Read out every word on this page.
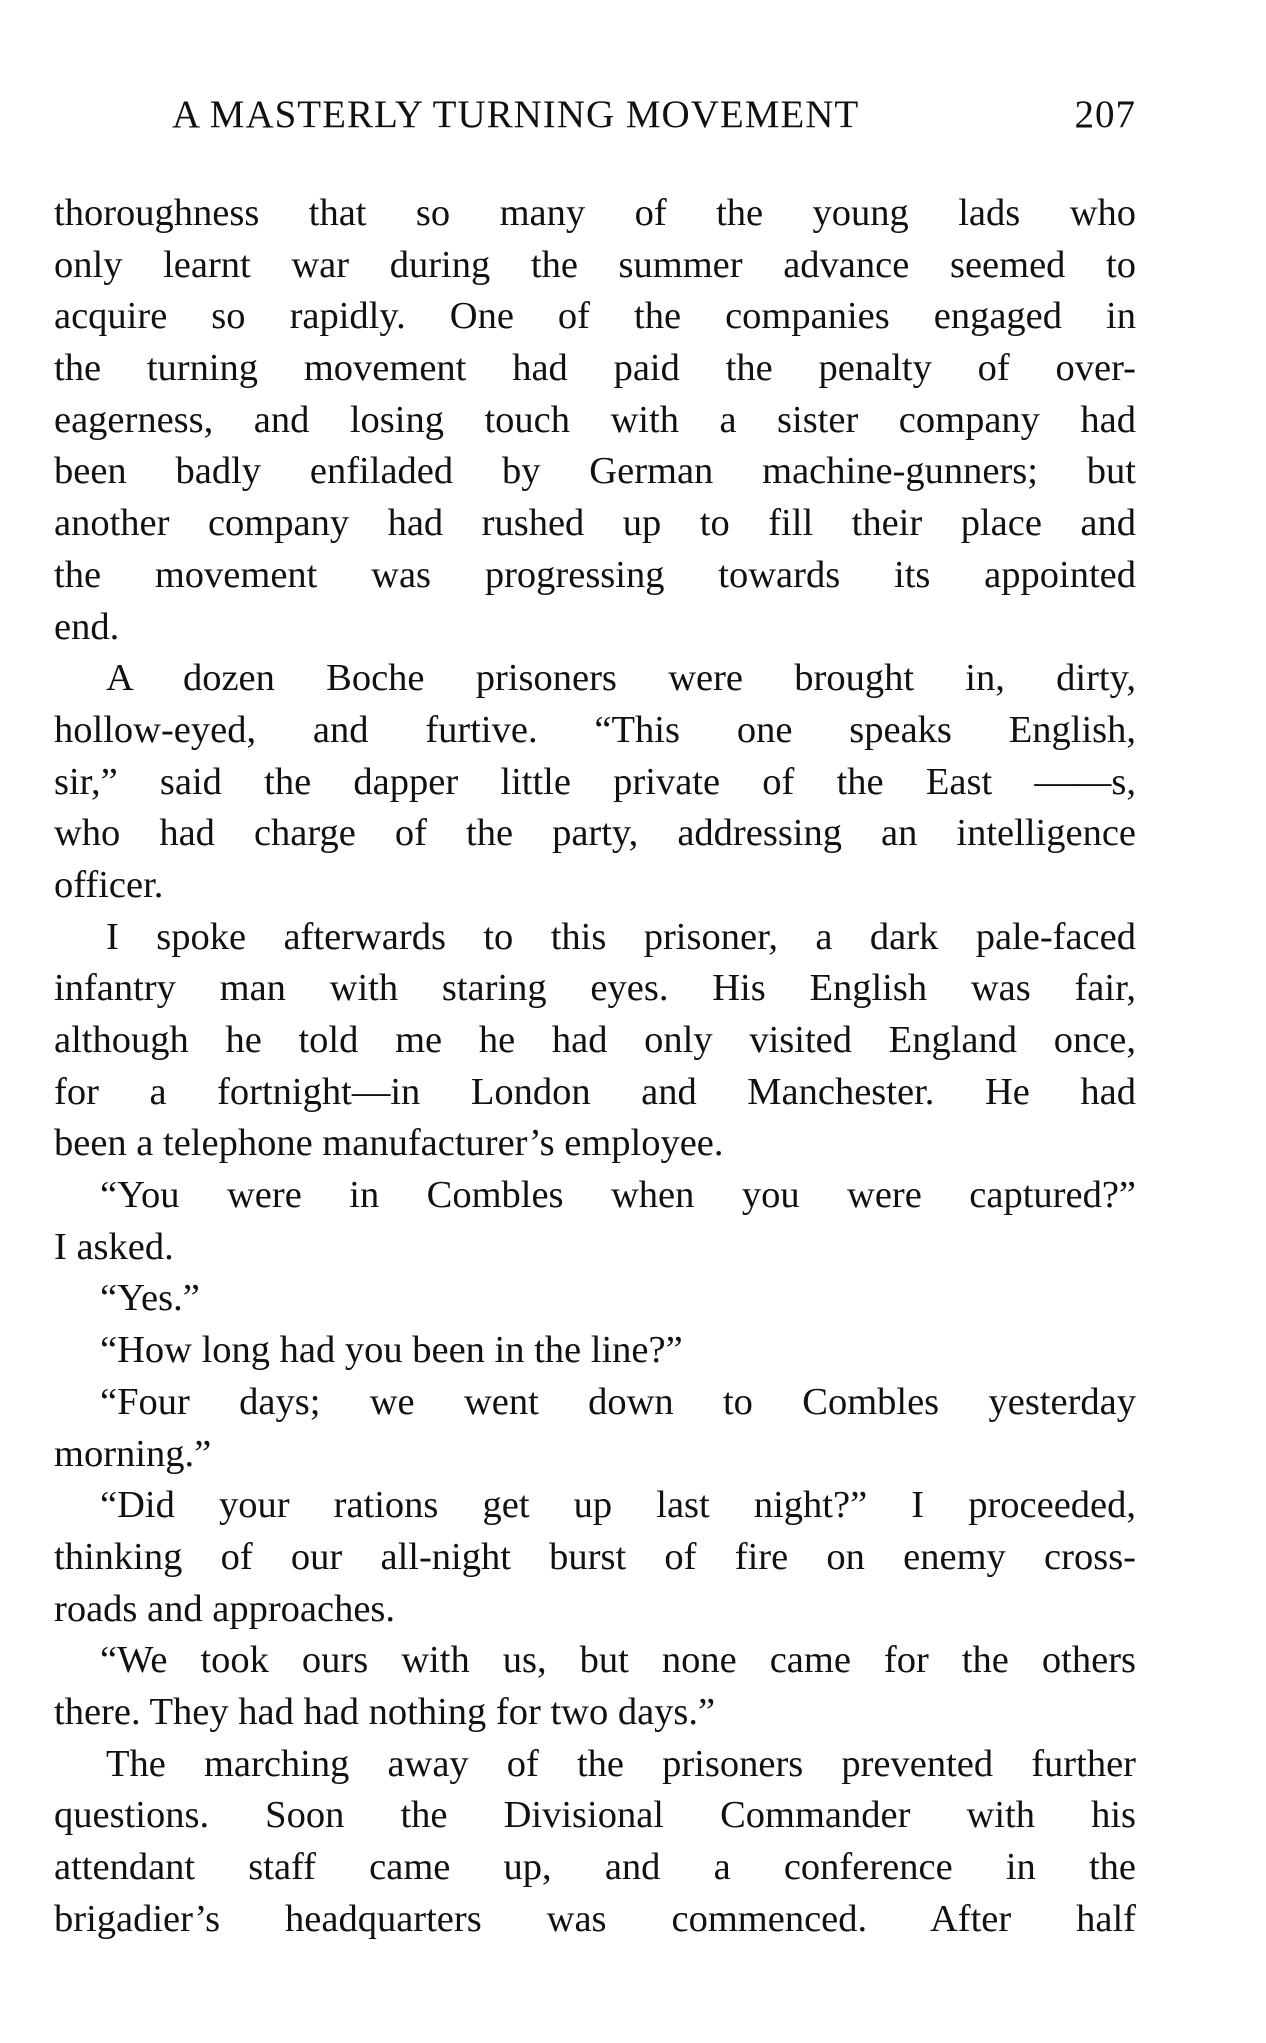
A MASTERLY TURNING MOVEMENT	207
thoroughness that so many of the young lads who
only learnt war during the summer advance seemed to
acquire so rapidly. One of the companies engaged in
the turning movement had paid the penalty of over-
eagerness, and losing touch with a sister company had
been badly enfiladed by German machine-gunners; but
another company had rushed up to fill their place and
the movement was progressing towards its appointed
end.
A dozen Boche prisoners were brought in, dirty,
hollow-eyed, and furtive. “This one speaks English,
sir,” said the dapper little private of the East ——s,
who had charge of the party, addressing an intelligence
officer.
I spoke afterwards to this prisoner, a dark pale-faced
infantry man with staring eyes. His English was fair,
although he told me he had only visited England once,
for a fortnight—in London and Manchester. He had
been a telephone manufacturer’s employee.
“You were in Combles when you were captured?”
I asked.
“Yes.”
“How long had you been in the line?”
“Four days; we went down to Combles yesterday
morning.”
“Did your rations get up last night?” I proceeded,
thinking of our all-night burst of fire on enemy cross-
roads and approaches.
“We took ours with us, but none came for the others
there. They had had nothing for two days.”
The marching away of the prisoners prevented further
questions. Soon the Divisional Commander with his
attendant staff came up, and a conference in the
brigadier’s headquarters was commenced. After half
